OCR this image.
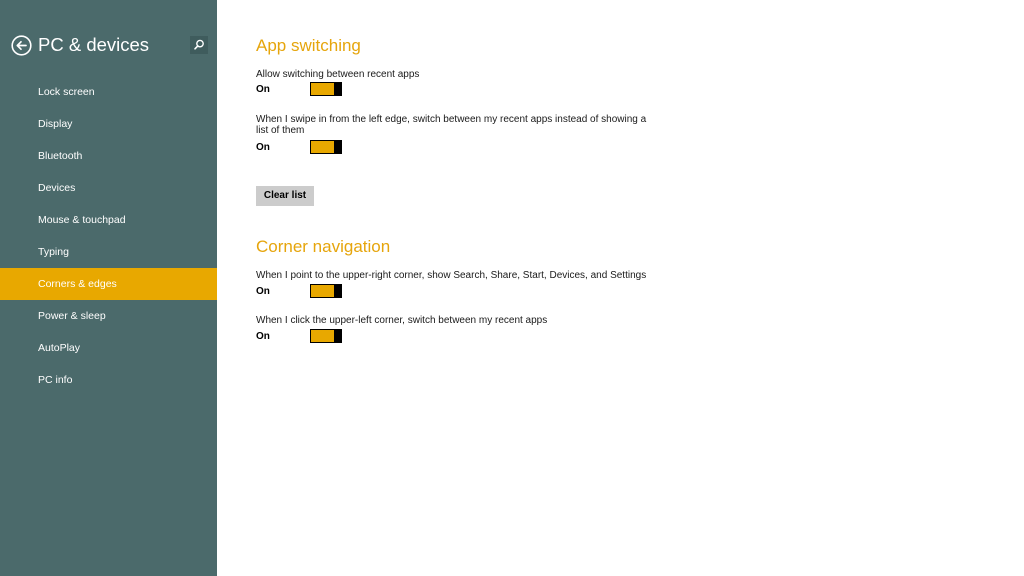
PC & devices
Lock screen
Display
Bluetooth
Devices
Mouse & touchpad
Typing
Corners & edges
Power & sleep
AutoPlay
PC info
App switching
Allow switching between recent apps
On
When I swipe in from the left edge, switch between my recent apps instead of showing a list of them
On
Clear list
Corner navigation
When I point to the upper-right corner, show Search, Share, Start, Devices, and Settings
On
When I click the upper-left corner, switch between my recent apps
On
